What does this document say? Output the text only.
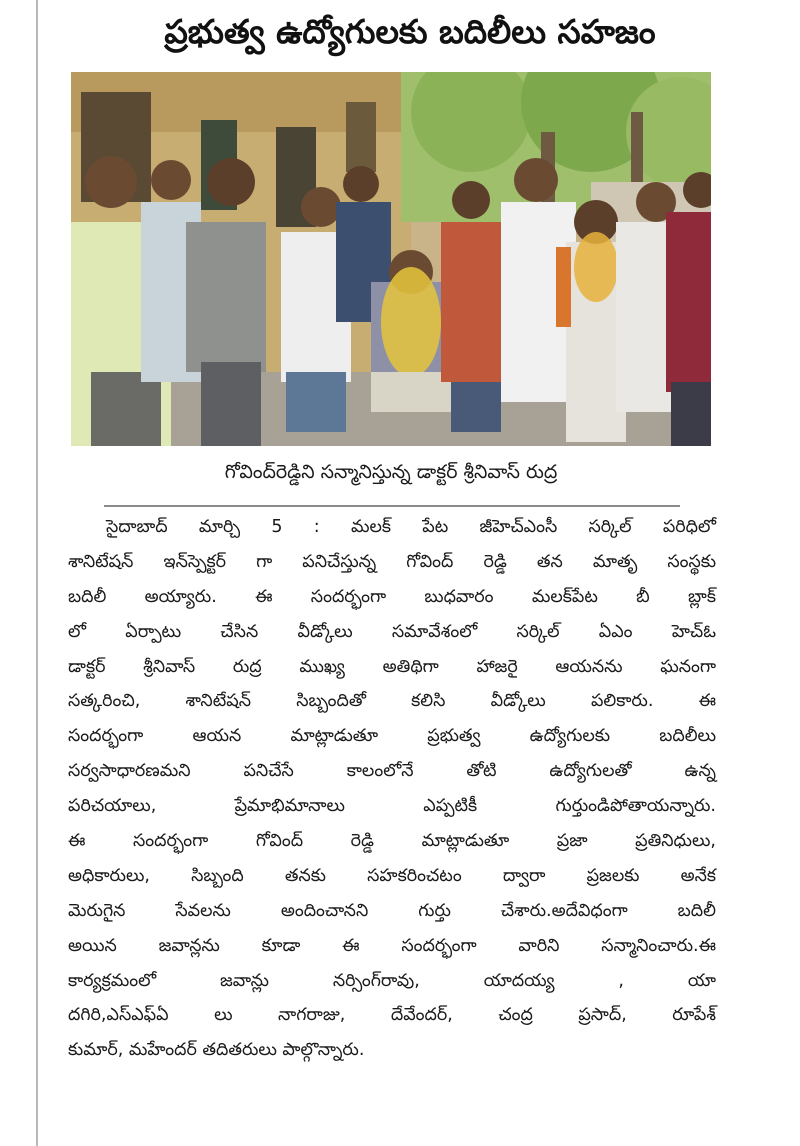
ప్రభుత్వ ఉద్యోగులకు బదిలీలు సహజం
గోవింద్‌రెడ్డిని సన్మానిస్తున్న డాక్టర్ శ్రీనివాస్ రుద్ర
సైదాబాద్ మార్చి 5 : మలక్ పేట జీహెచ్ఎంసీ సర్కిల్ పరిధిలో
శానిటేషన్ ఇన్‌స్పెక్టర్ గా పనిచేస్తున్న గోవింద్ రెడ్డి తన మాతృ సంస్థకు
బదిలీ అయ్యారు. ఈ సందర్భంగా బుధవారం మలక్‌పేట బీ బ్లాక్
లో ఏర్పాటు చేసిన వీడ్కోలు సమావేశంలో సర్కిల్ ఏఎం హెచ్ఓ
డాక్టర్ శ్రీనివాస్ రుద్ర ముఖ్య అతిథిగా హాజరై ఆయనను ఘనంగా
సత్కరించి, శానిటేషన్ సిబ్బందితో కలిసి వీడ్కోలు పలికారు. ఈ
సందర్భంగా ఆయన మాట్లాడుతూ ప్రభుత్వ ఉద్యోగులకు బదిలీలు
సర్వసాధారణమని పనిచేసే కాలంలోనే తోటి ఉద్యోగులతో ఉన్న
పరిచయాలు, ప్రేమాభిమానాలు ఎప్పటికీ గుర్తుండిపోతాయన్నారు.
ఈ సందర్భంగా గోవింద్ రెడ్డి మాట్లాడుతూ ప్రజా ప్రతినిధులు,
అధికారులు, సిబ్బంది తనకు సహకరించటం ద్వారా ప్రజలకు అనేక
మెరుగైన సేవలను అందించానని గుర్తు చేశారు.అదేవిధంగా బదిలీ
అయిన జవాన్లను కూడా ఈ సందర్భంగా వారిని సన్మానించారు.ఈ
కార్యక్రమంలో జవాన్లు నర్సింగ్‌రావు, యాదయ్య , యా
దగిరి,ఎస్ఎఫ్ఏ లు నాగరాజు, దేవేందర్, చంద్ర ప్రసాద్, రూపేశ్
కుమార్, మహేందర్ తదితరులు పాల్గొన్నారు.
